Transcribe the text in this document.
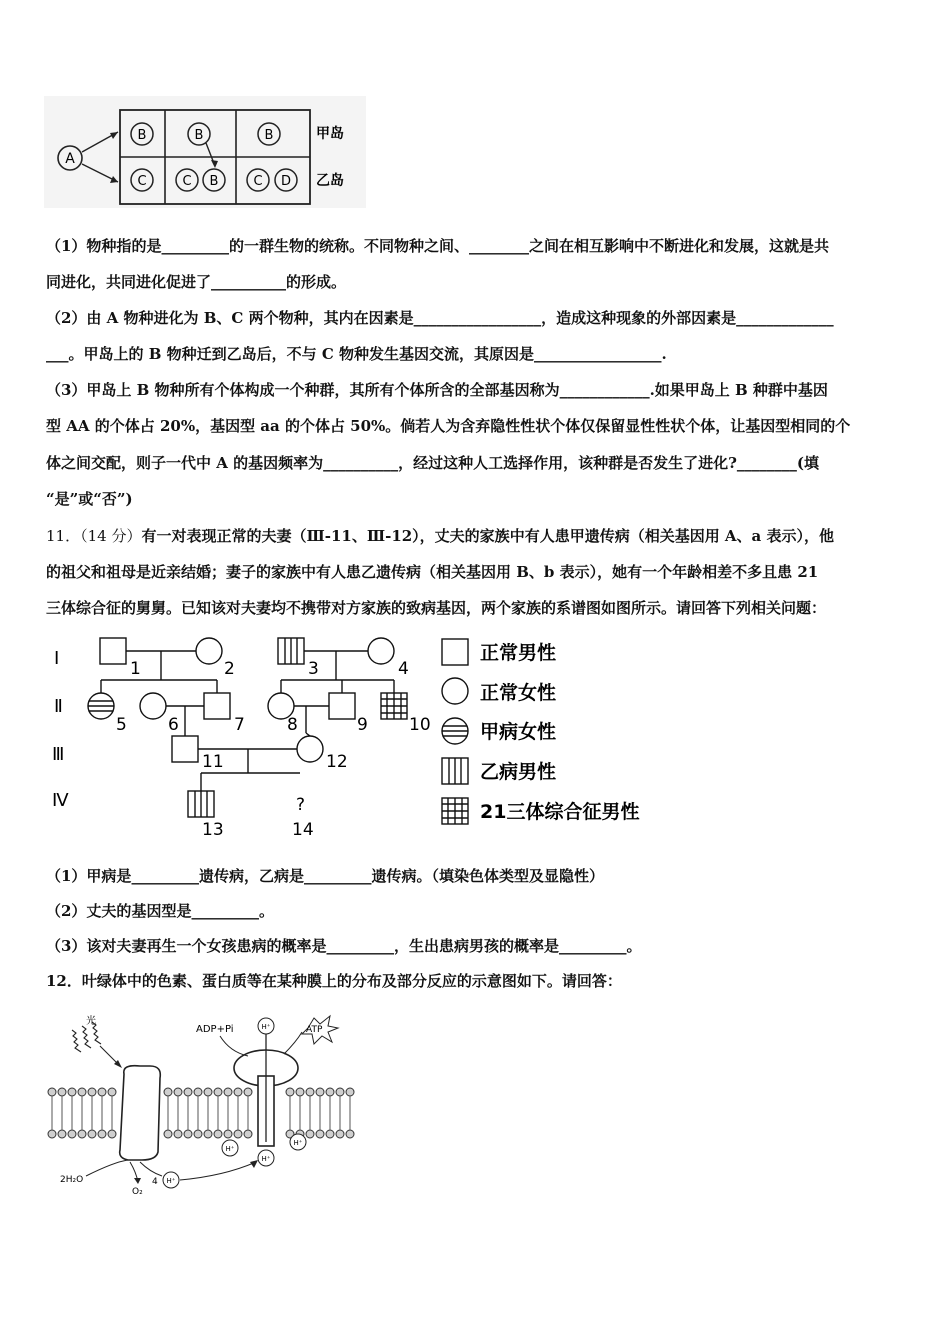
A
B	B	B
C	C B	C D
甲岛
乙岛
（1）物种指的是_________的一群生物的统称。不同物种之间、________之间在相互影响中不断进化和发展，这就是共
同进化，共同进化促进了__________的形成。
（2）由 A 物种进化为 B、C 两个物种，其内在因素是_________________，造成这种现象的外部因素是_____________
___。甲岛上的 B 物种迁到乙岛后，不与 C 物种发生基因交流，其原因是_________________.
（3）甲岛上 B 物种所有个体构成一个种群，其所有个体所含的全部基因称为____________.如果甲岛上 B 种群中基因
型 AA 的个体占 20%，基因型 aa 的个体占 50%。倘若人为含弃隐性性状个体仅保留显性性状个体，让基因型相同的个
体之间交配，则子一代中 A 的基因频率为__________，经过这种人工选择作用，该种群是否发生了进化?________(填
“是”或“否”)
11．（14 分）有一对表现正常的夫妻（Ⅲ-11、Ⅲ-12），丈夫的家族中有人患甲遗传病（相关基因用 A、a 表示），他
的祖父和祖母是近亲结婚；妻子的家族中有人患乙遗传病（相关基因用 B、b 表示），她有一个年龄相差不多且患 21
三体综合征的舅舅。已知该对夫妻均不携带对方家族的致病基因，两个家族的系谱图如图所示。请回答下列相关问题：
Ⅰ
Ⅱ
Ⅲ
Ⅳ
1	2	3	4
5 6	7 8	9 10
11	12
13	14
?
正常男性
正常女性
甲病女性
乙病男性
21三体综合征男性
（1）甲病是_________遗传病，乙病是_________遗传病。（填染色体类型及显隐性）
（2）丈夫的基因型是_________。
（3）该对夫妻再生一个女孩患病的概率是_________，生出患病男孩的概率是_________。
12．叶绿体中的色素、蛋白质等在某种膜上的分布及部分反应的示意图如下。请回答：
光
ADP+Pi	ATP
H⁺
H⁺
H⁺
H⁺
H⁺
2H₂O
O₂
4
